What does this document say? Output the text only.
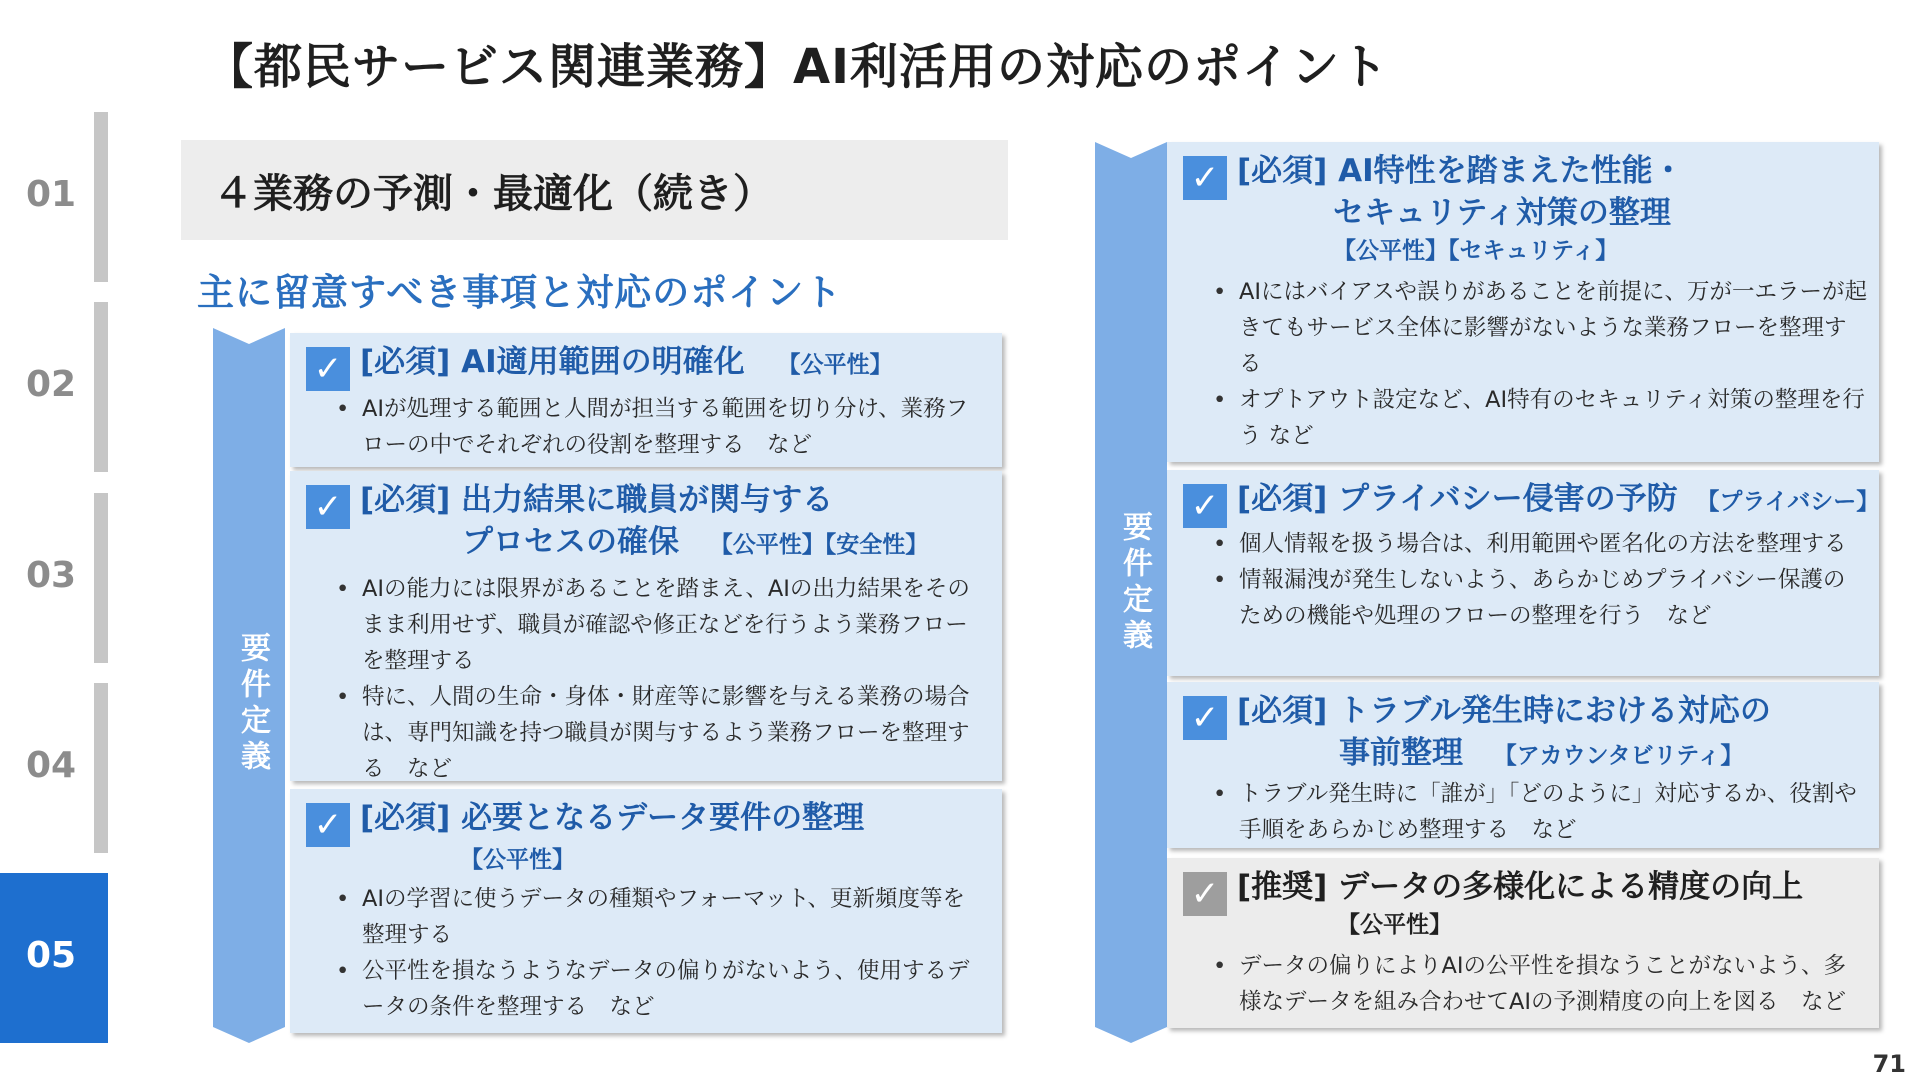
【都民サービス関連業務】AI利活用の対応のポイント
01
02
03
04
05
４業務の予測・最適化（続き）
主に留意すべき事項と対応のポイント
要件定義
✓ [必須] AI適用範囲の明確化 【公平性】
• AIが処理する範囲と人間が担当する範囲を切り分け、業務フローの中でそれぞれの役割を整理する　など
✓ [必須] 出力結果に職員が関与する
プロセスの確保 【公平性】【安全性】
• AIの能力には限界があることを踏まえ、AIの出力結果をそのまま利用せず、職員が確認や修正などを行うよう業務フローを整理する
• 特に、人間の生命・身体・財産等に影響を与える業務の場合は、専門知識を持つ職員が関与するよう業務フローを整理する　など
✓ [必須] 必要となるデータ要件の整理
【公平性】
• AIの学習に使うデータの種類やフォーマット、更新頻度等を整理する
• 公平性を損なうようなデータの偏りがないよう、使用するデータの条件を整理する　など
要件定義
✓ [必須] AI特性を踏まえた性能・
セキュリティ対策の整理
【公平性】【セキュリティ】
• AIにはバイアスや誤りがあることを前提に、万が一エラーが起きてもサービス全体に影響がないような業務フローを整理する
• オプトアウト設定など、AI特有のセキュリティ対策の整理を行う など
✓ [必須] プライバシー侵害の予防 【プライバシー】
• 個人情報を扱う場合は、利用範囲や匿名化の方法を整理する
• 情報漏洩が発生しないよう、あらかじめプライバシー保護のための機能や処理のフローの整理を行う　など
✓ [必須] トラブル発生時における対応の
事前整理 【アカウンタビリティ】
• トラブル発生時に「誰が」「どのように」対応するか、役割や手順をあらかじめ整理する　など
✓ [推奨] データの多様化による精度の向上
【公平性】
• データの偏りによりAIの公平性を損なうことがないよう、多様なデータを組み合わせてAIの予測精度の向上を図る　など
71
